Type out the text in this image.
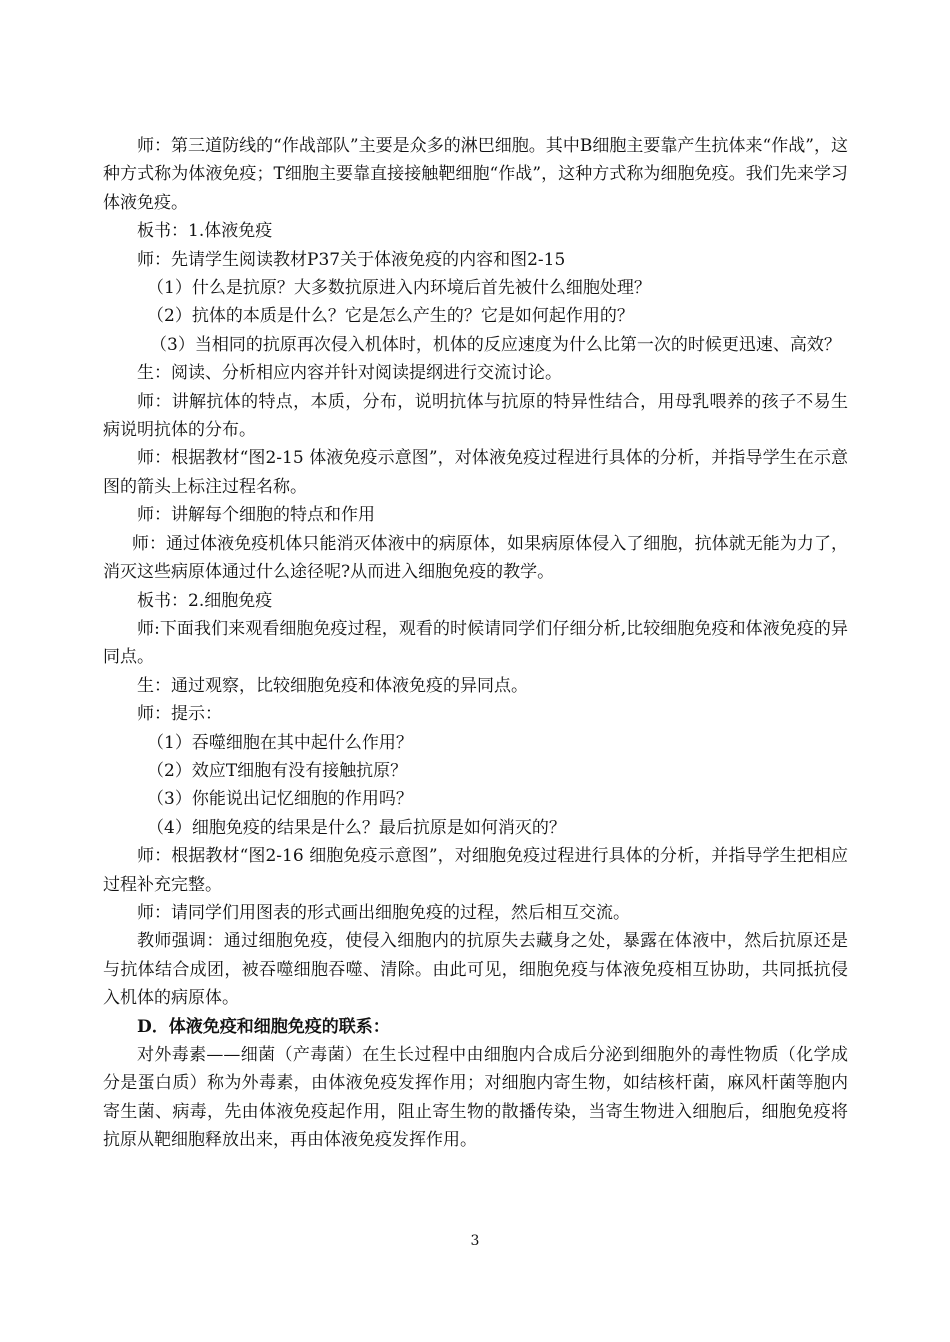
师：第三道防线的“作战部队”主要是众多的淋巴细胞。其中B细胞主要靠产生抗体来“作战”，这种方式称为体液免疫；T细胞主要靠直接接触靶细胞“作战”，这种方式称为细胞免疫。我们先来学习体液免疫。

板书：1.体液免疫

师：先请学生阅读教材P37关于体液免疫的内容和图2-15

（1）什么是抗原？大多数抗原进入内环境后首先被什么细胞处理？

（2）抗体的本质是什么？它是怎么产生的？它是如何起作用的？

（3）当相同的抗原再次侵入机体时，机体的反应速度为什么比第一次的时候更迅速、高效？

生：阅读、分析相应内容并针对阅读提纲进行交流讨论。

师：讲解抗体的特点，本质，分布，说明抗体与抗原的特异性结合，用母乳喂养的孩子不易生病说明抗体的分布。

师：根据教材“图2-15 体液免疫示意图”，对体液免疫过程进行具体的分析，并指导学生在示意图的箭头上标注过程名称。

师：讲解每个细胞的特点和作用

师：通过体液免疫机体只能消灭体液中的病原体，如果病原体侵入了细胞，抗体就无能为力了，消灭这些病原体通过什么途径呢?从而进入细胞免疫的教学。

板书：2.细胞免疫

师:下面我们来观看细胞免疫过程，观看的时候请同学们仔细分析,比较细胞免疫和体液免疫的异同点。

生：通过观察，比较细胞免疫和体液免疫的异同点。

师：提示：

（1）吞噬细胞在其中起什么作用？

（2）效应T细胞有没有接触抗原？

（3）你能说出记忆细胞的作用吗？

（4）细胞免疫的结果是什么？最后抗原是如何消灭的？

师：根据教材“图2-16 细胞免疫示意图”，对细胞免疫过程进行具体的分析，并指导学生把相应过程补充完整。

师：请同学们用图表的形式画出细胞免疫的过程，然后相互交流。

教师强调：通过细胞免疫，使侵入细胞内的抗原失去藏身之处，暴露在体液中，然后抗原还是与抗体结合成团，被吞噬细胞吞噬、清除。由此可见，细胞免疫与体液免疫相互协助，共同抵抗侵入机体的病原体。

D．体液免疫和细胞免疫的联系：

对外毒素——细菌（产毒菌）在生长过程中由细胞内合成后分泌到细胞外的毒性物质（化学成分是蛋白质）称为外毒素，由体液免疫发挥作用；对细胞内寄生物，如结核杆菌，麻风杆菌等胞内寄生菌、病毒，先由体液免疫起作用，阻止寄生物的散播传染，当寄生物进入细胞后，细胞免疫将抗原从靶细胞释放出来，再由体液免疫发挥作用。

3
